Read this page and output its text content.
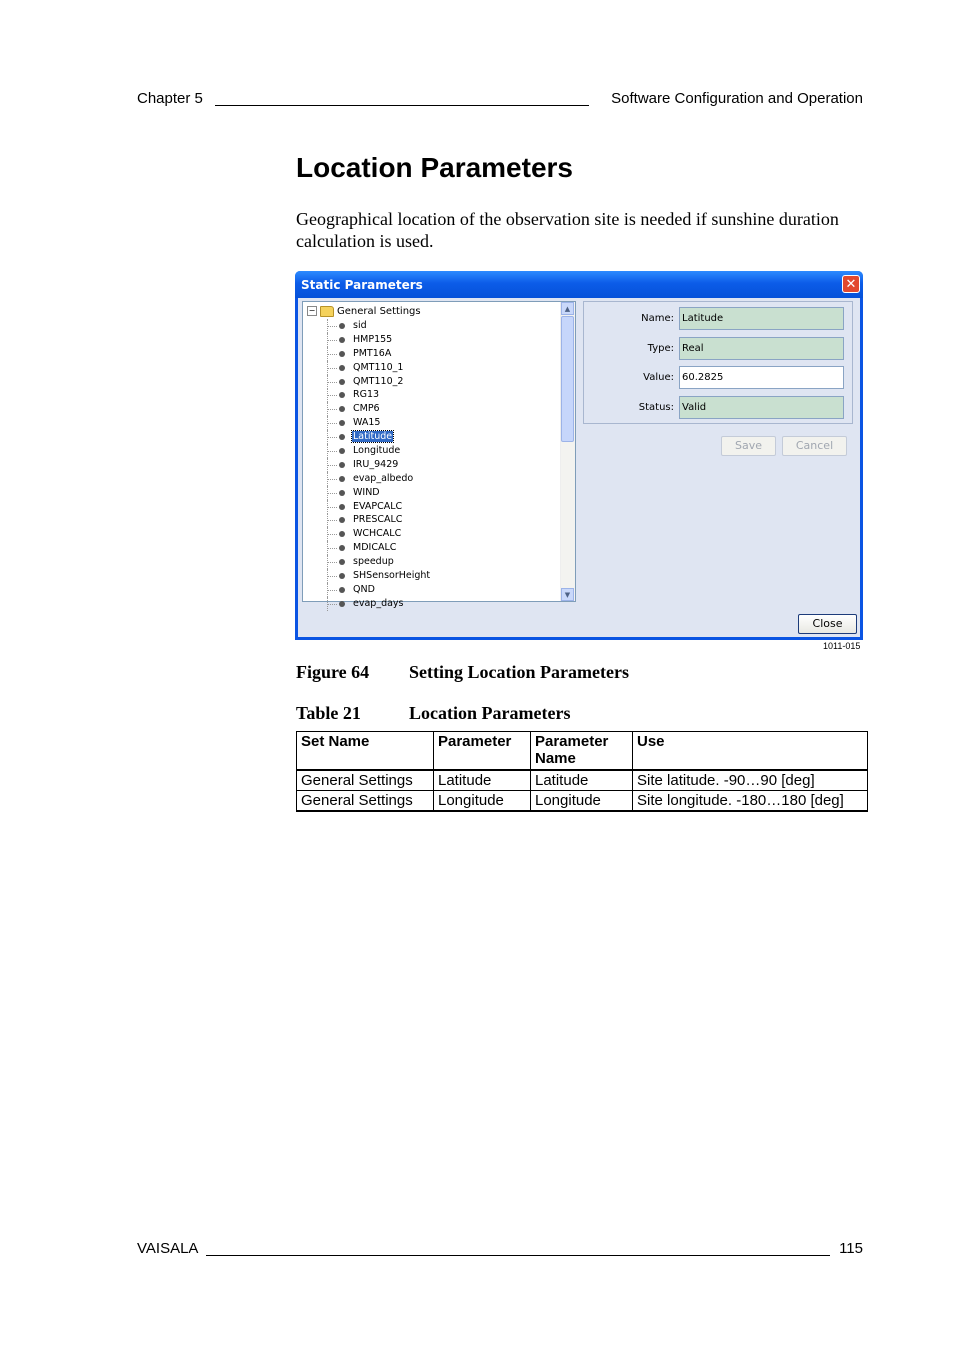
Chapter 5	Software Configuration and Operation
Location Parameters

Geographical location of the observation site is needed if sunshine duration calculation is used.

Static Parameters	✕
− General Settings
sid
HMP155
PMT16A
QMT110_1
QMT110_2
RG13
CMP6
WA15
Latitude
Longitude
IRU_9429
evap_albedo
WIND
EVAPCALC
PRESCALC
WCHCALC
MDICALC
speedup
SHSensorHeight
QND
evap_days
▲
▼
Name: Latitude
Type: Real
Value: 60.2825
Status: Valid
Save	Cancel
Close
1011-015
Figure 64 Setting Location Parameters
Table 21	Location Parameters
Set Name	Parameter	Parameter Name	Use
General Settings	Latitude	Latitude	Site latitude. -90…90 [deg]
General Settings	Longitude	Longitude	Site longitude. -180…180 [deg]
VAISALA	115
